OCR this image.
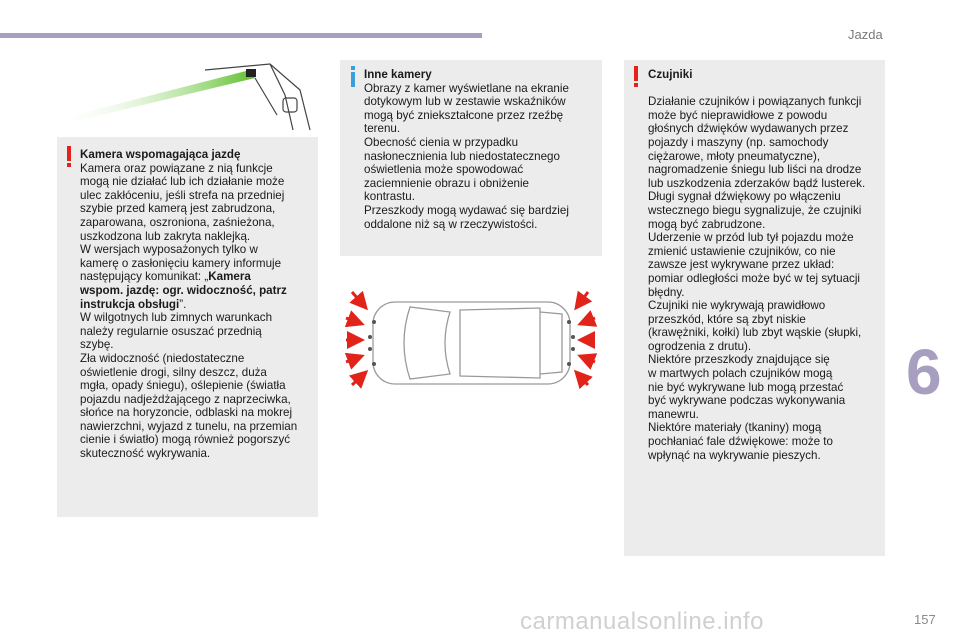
Jazda
Kamera wspomagająca jazdę
Kamera oraz powiązane z nią funkcje
mogą nie działać lub ich działanie może
ulec zakłóceniu, jeśli strefa na przedniej
szybie przed kamerą jest zabrudzona,
zaparowana, oszroniona, zaśnieżona,
uszkodzona lub zakryta naklejką.
W wersjach wyposażonych tylko w
kamerę o zasłonięciu kamery informuje
następujący komunikat: „Kamera
wspom. jazdę: ogr. widoczność, patrz
instrukcja obsługi”.
W wilgotnych lub zimnych warunkach
należy regularnie osuszać przednią
szybę.
Zła widoczność (niedostateczne
oświetlenie drogi, silny deszcz, duża
mgła, opady śniegu), oślepienie (światła
pojazdu nadjeżdżającego z naprzeciwka,
słońce na horyzoncie, odblaski na mokrej
nawierzchni, wyjazd z tunelu, na przemian
cienie i światło) mogą również pogorszyć
skuteczność wykrywania.
Inne kamery
Obrazy z kamer wyświetlane na ekranie
dotykowym lub w zestawie wskaźników
mogą być zniekształcone przez rzeźbę
terenu.
Obecność cienia w przypadku
nasłonecznienia lub niedostatecznego
oświetlenia może spowodować
zaciemnienie obrazu i obniżenie
kontrastu.
Przeszkody mogą wydawać się bardziej
oddalone niż są w rzeczywistości.
Czujniki

Działanie czujników i powiązanych funkcji
może być nieprawidłowe z powodu
głośnych dźwięków wydawanych przez
pojazdy i maszyny (np. samochody
ciężarowe, młoty pneumatyczne),
nagromadzenie śniegu lub liści na drodze
lub uszkodzenia zderzaków bądź lusterek.
Długi sygnał dźwiękowy po włączeniu
wstecznego biegu sygnalizuje, że czujniki
mogą być zabrudzone.
Uderzenie w przód lub tył pojazdu może
zmienić ustawienie czujników, co nie
zawsze jest wykrywane przez układ:
pomiar odległości może być w tej sytuacji
błędny.
Czujniki nie wykrywają prawidłowo
przeszkód, które są zbyt niskie
(krawężniki, kołki) lub zbyt wąskie (słupki,
ogrodzenia z drutu).
Niektóre przeszkody znajdujące się
w martwych polach czujników mogą
nie być wykrywane lub mogą przestać
być wykrywane podczas wykonywania
manewru.
Niektóre materiały (tkaniny) mogą
pochłaniać fale dźwiękowe: może to
wpłynąć na wykrywanie pieszych.
6
carmanualsonline.info	157
